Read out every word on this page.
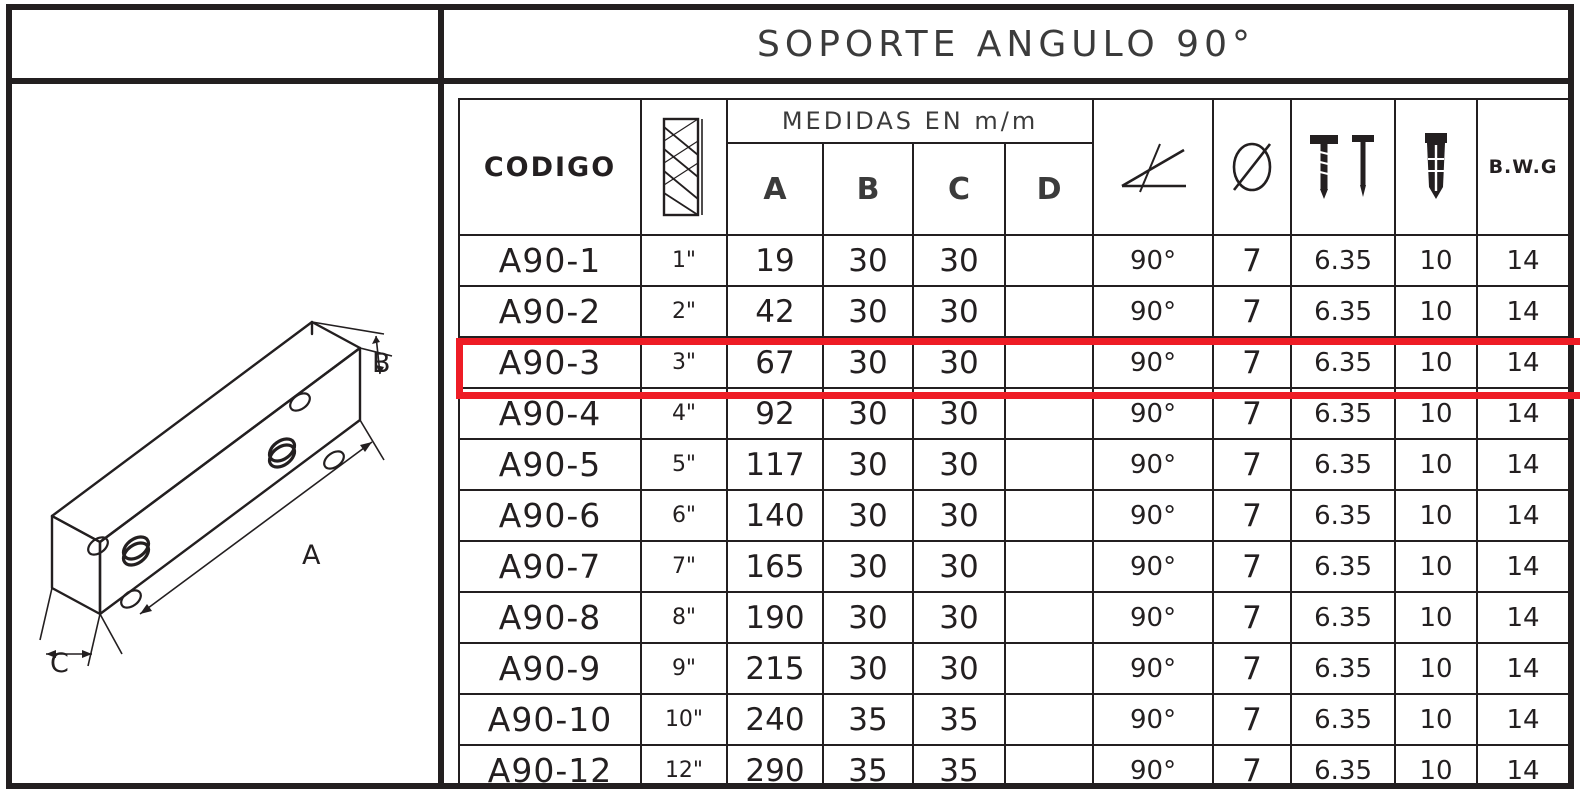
SOPORTE ANGULO 90°
B
A
C
CODIGO		MEDIDAS EN m/m								B.W.G

		A	B	C	D					
A90-1	1"	19	30	30		90°	7	6.35	10	14
A90-2	2"	42	30	30		90°	7	6.35	10	14
A90-3	3"	67	30	30		90°	7	6.35	10	14
A90-4	4"	92	30	30		90°	7	6.35	10	14
A90-5	5"	117	30	30		90°	7	6.35	10	14
A90-6	6"	140	30	30		90°	7	6.35	10	14
A90-7	7"	165	30	30		90°	7	6.35	10	14
A90-8	8"	190	30	30		90°	7	6.35	10	14
A90-9	9"	215	30	30		90°	7	6.35	10	14
A90-10	10"	240	35	35		90°	7	6.35	10	14
A90-12	12"	290	35	35		90°	7	6.35	10	14
